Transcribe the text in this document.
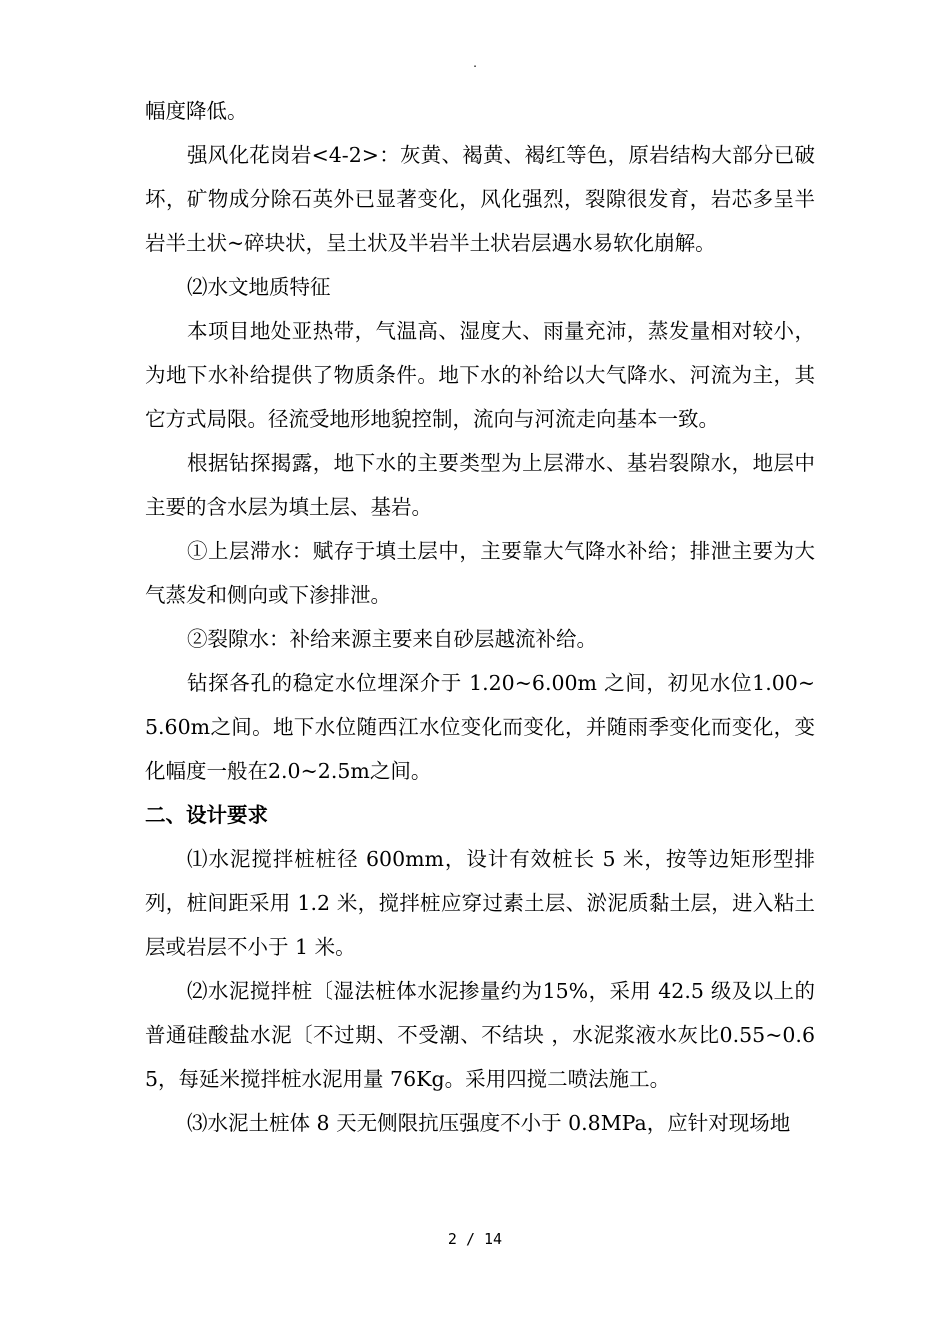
.

幅度降低。

强风化花岗岩<4-2>：灰黄、褐黄、褐红等色，原岩结构大部分已破坏，矿物成分除石英外已显著变化，风化强烈，裂隙很发育，岩芯多呈半岩半土状~碎块状，呈土状及半岩半土状岩层遇水易软化崩解。

⑵水文地质特征

本项目地处亚热带，气温高、湿度大、雨量充沛，蒸发量相对较小，为地下水补给提供了物质条件。地下水的补给以大气降水、河流为主，其它方式局限。径流受地形地貌控制，流向与河流走向基本一致。

根据钻探揭露，地下水的主要类型为上层滞水、基岩裂隙水，地层中主要的含水层为填土层、基岩。

①上层滞水：赋存于填土层中，主要靠大气降水补给；排泄主要为大气蒸发和侧向或下渗排泄。

②裂隙水：补给来源主要来自砂层越流补给。

钻探各孔的稳定水位埋深介于 1.20~6.00m 之间，初见水位1.00~5.60m之间。地下水位随西江水位变化而变化，并随雨季变化而变化，变化幅度一般在2.0~2.5m之间。

二、设计要求

⑴水泥搅拌桩桩径 600mm，设计有效桩长 5 米，按等边矩形型排列，桩间距采用 1.2 米，搅拌桩应穿过素土层、淤泥质黏土层，进入粘土层或岩层不小于 1 米。

⑵水泥搅拌桩〔湿法桩体水泥掺量约为15%，采用 42.5 级及以上的普通硅酸盐水泥〔不过期、不受潮、不结块 ，水泥浆液水灰比0.55~0.65，每延米搅拌桩水泥用量 76Kg。采用四搅二喷法施工。

⑶水泥土桩体 8 天无侧限抗压强度不小于 0.8MPa，应针对现场地

2 / 14
